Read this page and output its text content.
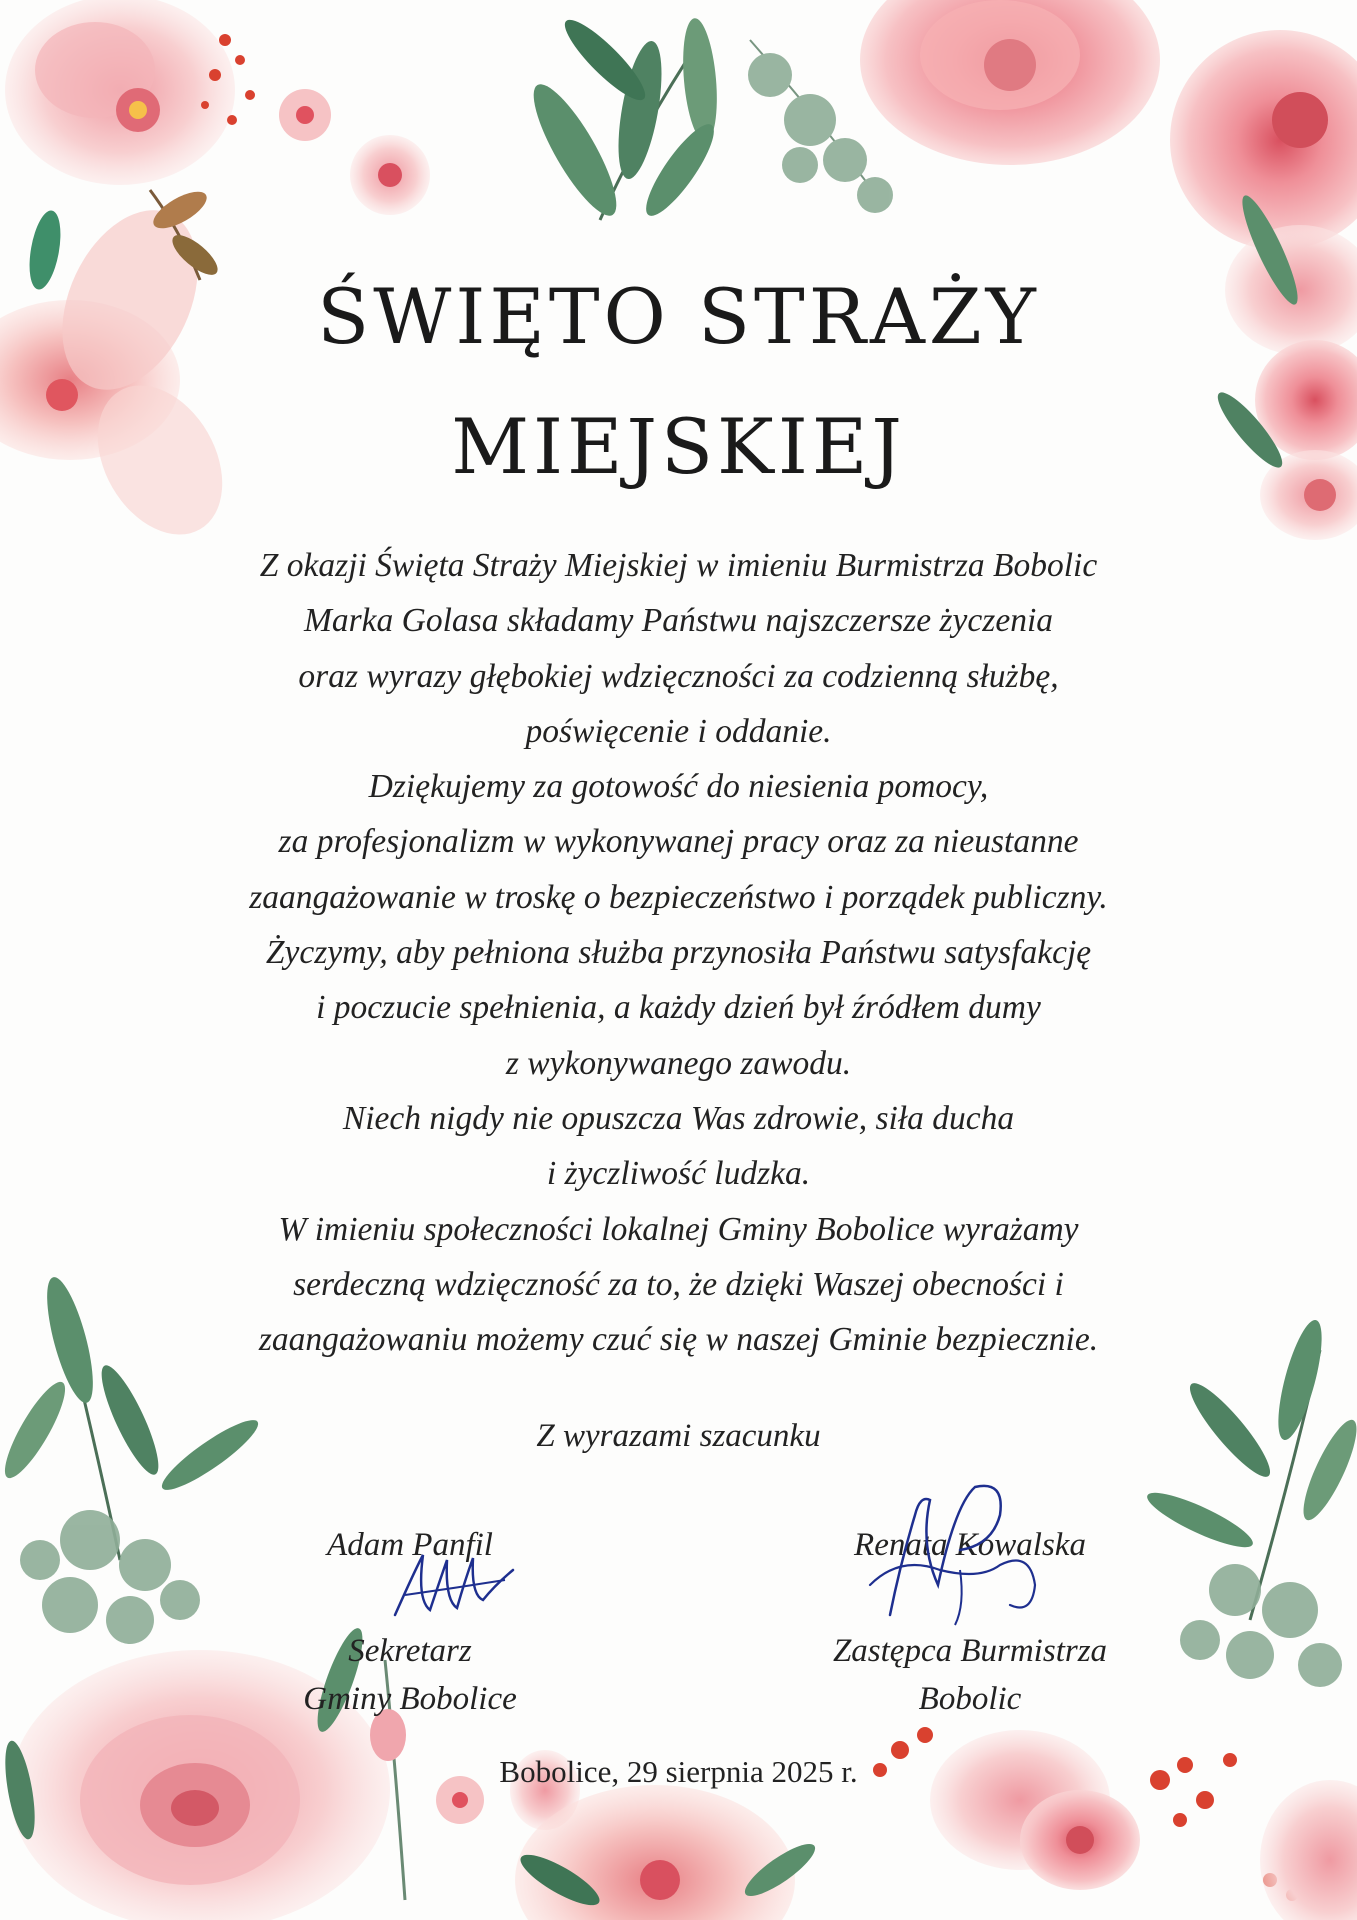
ŚWIĘTO STRAŻY
MIEJSKIEJ
Z okazji Święta Straży Miejskiej w imieniu Burmistrza Bobolic
Marka Golasa składamy Państwu najszczersze życzenia
oraz wyrazy głębokiej wdzięczności za codzienną służbę,
poświęcenie i oddanie.
Dziękujemy za gotowość do niesienia pomocy,
za profesjonalizm w wykonywanej pracy oraz za nieustanne
zaangażowanie w troskę o bezpieczeństwo i porządek publiczny.
Życzymy, aby pełniona służba przynosiła Państwu satysfakcję
i poczucie spełnienia, a każdy dzień był źródłem dumy
z wykonywanego zawodu.
Niech nigdy nie opuszcza Was zdrowie, siła ducha
i życzliwość ludzka.
W imieniu społeczności lokalnej Gminy Bobolice wyrażamy
serdeczną wdzięczność za to, że dzięki Waszej obecności i
zaangażowaniu możemy czuć się w naszej Gminie bezpiecznie.
Z wyrazami szacunku
Adam Panfil
Sekretarz
Gminy Bobolice
Renata Kowalska
Zastępca Burmistrza
Bobolic
Bobolice, 29 sierpnia 2025 r.
